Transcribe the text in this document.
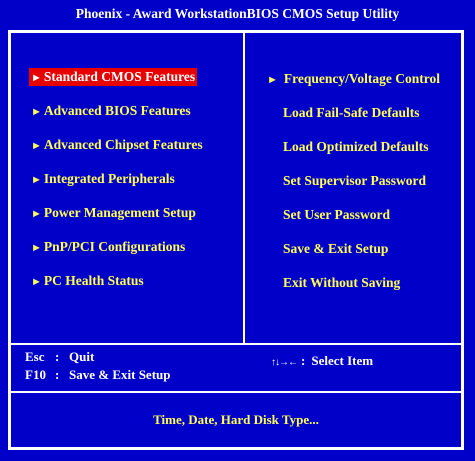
Phoenix - Award WorkstationBIOS CMOS Setup Utility
► Standard CMOS Features
► Advanced BIOS Features
► Advanced Chipset Features
► Integrated Peripherals
► Power Management Setup
► PnP/PCI Configurations
► PC Health Status
► Frequency/Voltage Control
Load Fail-Safe Defaults
Load Optimized Defaults
Set Supervisor Password
Set User Password
Save & Exit Setup
Exit Without Saving
Esc : Quit
F10 : Save & Exit Setup
↑↓→← : Select Item
Time, Date, Hard Disk Type...
